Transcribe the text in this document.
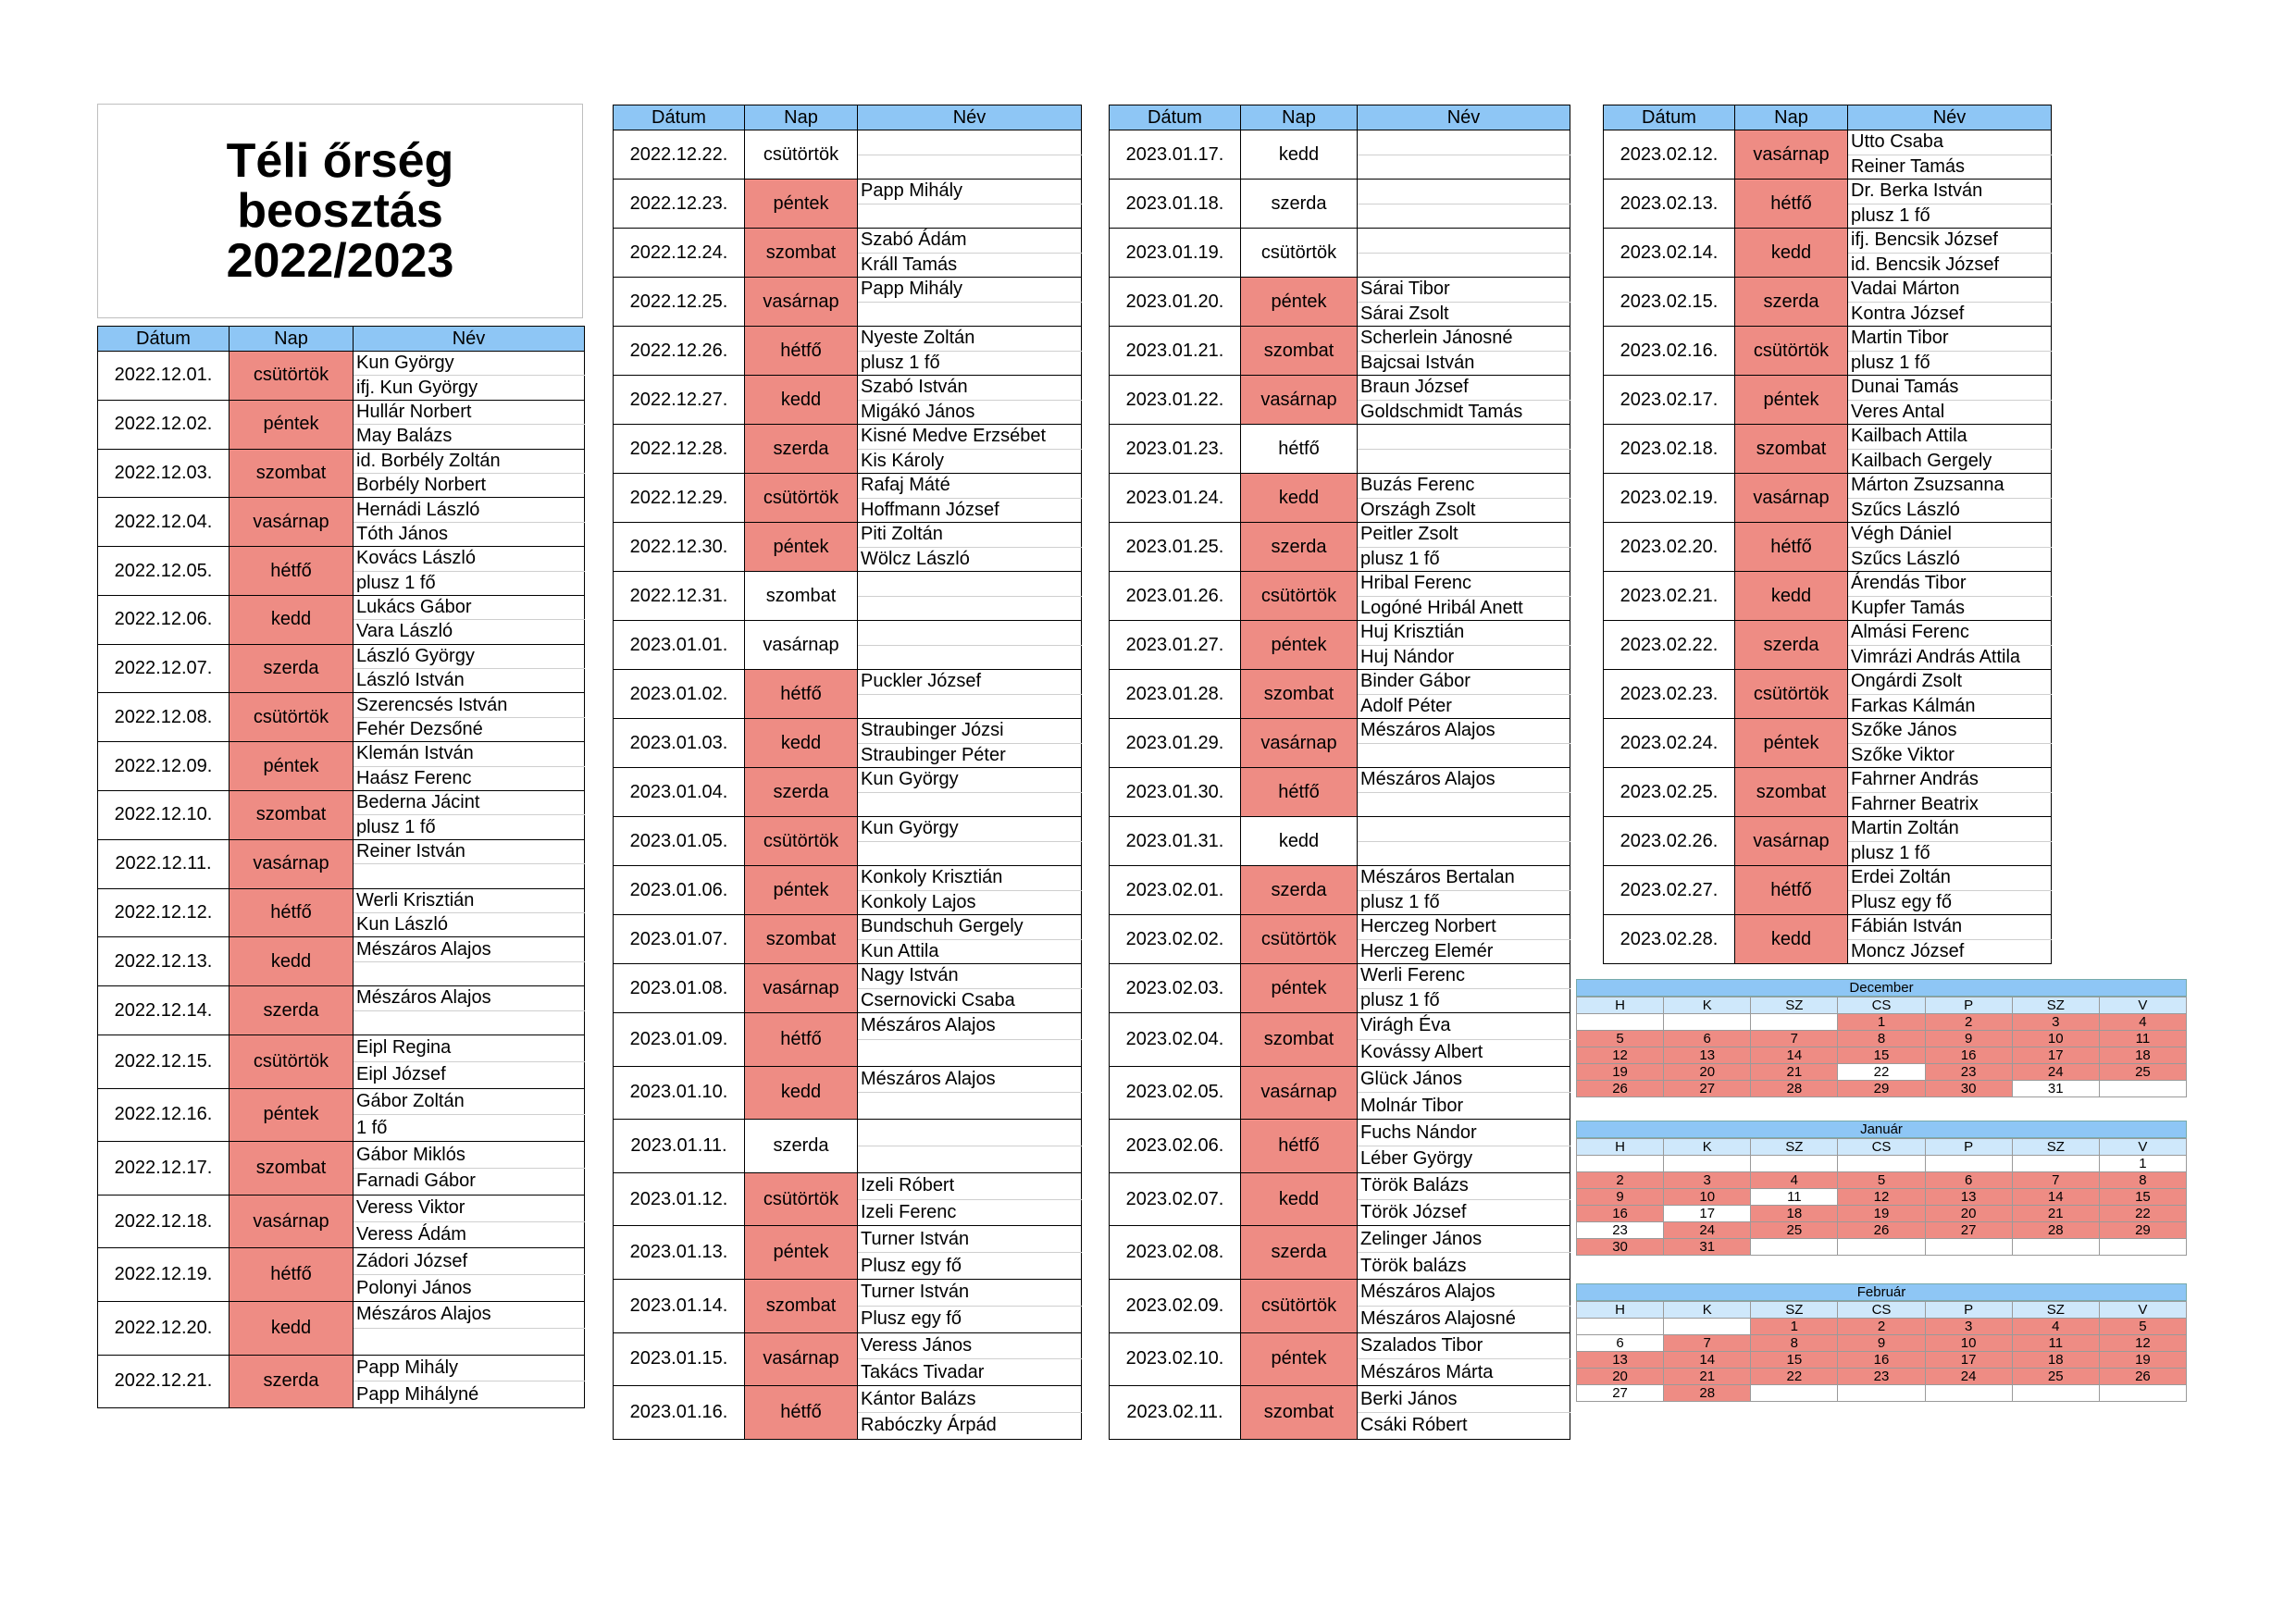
Téli őrség
beosztás
2022/2023
Dátum	Nap	Név
2022.12.01.	csütörtök	Kun György
		ifj. Kun György
2022.12.02.	péntek	Hullár Norbert
		May Balázs
2022.12.03.	szombat	id. Borbély Zoltán
		Borbély Norbert
2022.12.04.	vasárnap	Hernádi László
		Tóth János
2022.12.05.	hétfő	Kovács László
		plusz 1 fő
2022.12.06.	kedd	Lukács Gábor
		Vara László
2022.12.07.	szerda	László György
		László István
2022.12.08.	csütörtök	Szerencsés István
		Fehér Dezsőné
2022.12.09.	péntek	Klemán István
		Haász Ferenc
2022.12.10.	szombat	Bederna Jácint
		plusz 1 fő
2022.12.11.	vasárnap	Reiner István

2022.12.12.	hétfő	Werli Krisztián
		Kun László
2022.12.13.	kedd	Mészáros Alajos

2022.12.14.	szerda	Mészáros Alajos

2022.12.15.	csütörtök	Eipl Regina
		Eipl József
2022.12.16.	péntek	Gábor Zoltán
		1 fő
2022.12.17.	szombat	Gábor Miklós
		Farnadi Gábor
2022.12.18.	vasárnap	Veress Viktor
		Veress Ádám
2022.12.19.	hétfő	Zádori József
		Polonyi János
2022.12.20.	kedd	Mészáros Alajos

2022.12.21.	szerda	Papp Mihály
		Papp Mihályné
Dátum	Nap	Név
2022.12.22.	csütörtök	

2022.12.23.	péntek	Papp Mihály

2022.12.24.	szombat	Szabó Ádám
		Králl Tamás
2022.12.25.	vasárnap	Papp Mihály

2022.12.26.	hétfő	Nyeste Zoltán
		plusz 1 fő
2022.12.27.	kedd	Szabó István
		Migákó János
2022.12.28.	szerda	Kisné Medve Erzsébet
		Kis Károly
2022.12.29.	csütörtök	Rafaj Máté
		Hoffmann József
2022.12.30.	péntek	Piti Zoltán
		Wölcz László
2022.12.31.	szombat	

2023.01.01.	vasárnap	

2023.01.02.	hétfő	Puckler József

2023.01.03.	kedd	Straubinger Józsi
		Straubinger Péter
2023.01.04.	szerda	Kun György

2023.01.05.	csütörtök	Kun György

2023.01.06.	péntek	Konkoly Krisztián
		Konkoly Lajos
2023.01.07.	szombat	Bundschuh Gergely
		Kun Attila
2023.01.08.	vasárnap	Nagy István
		Csernovicki Csaba
2023.01.09.	hétfő	Mészáros Alajos

2023.01.10.	kedd	Mészáros Alajos

2023.01.11.	szerda	

2023.01.12.	csütörtök	Izeli Róbert
		Izeli Ferenc
2023.01.13.	péntek	Turner István
		Plusz egy fő
2023.01.14.	szombat	Turner István
		Plusz egy fő
2023.01.15.	vasárnap	Veress János
		Takács Tivadar
2023.01.16.	hétfő	Kántor Balázs
		Rabóczky Árpád
Dátum	Nap	Név
2023.01.17.	kedd	

2023.01.18.	szerda	

2023.01.19.	csütörtök	

2023.01.20.	péntek	Sárai Tibor
		Sárai Zsolt
2023.01.21.	szombat	Scherlein Jánosné
		Bajcsai István
2023.01.22.	vasárnap	Braun József
		Goldschmidt Tamás
2023.01.23.	hétfő	

2023.01.24.	kedd	Buzás Ferenc
		Országh Zsolt
2023.01.25.	szerda	Peitler Zsolt
		plusz 1 fő
2023.01.26.	csütörtök	Hribal Ferenc
		Logóné Hribál Anett
2023.01.27.	péntek	Huj Krisztián
		Huj Nándor
2023.01.28.	szombat	Binder Gábor
		Adolf Péter
2023.01.29.	vasárnap	Mészáros Alajos

2023.01.30.	hétfő	Mészáros Alajos

2023.01.31.	kedd	

2023.02.01.	szerda	Mészáros Bertalan
		plusz 1 fő
2023.02.02.	csütörtök	Herczeg Norbert
		Herczeg Elemér
2023.02.03.	péntek	Werli Ferenc
		plusz 1 fő
2023.02.04.	szombat	Virágh Éva
		Kovássy Albert
2023.02.05.	vasárnap	Glück János
		Molnár Tibor
2023.02.06.	hétfő	Fuchs Nándor
		Léber György
2023.02.07.	kedd	Török Balázs
		Török József
2023.02.08.	szerda	Zelinger János
		Török balázs
2023.02.09.	csütörtök	Mészáros Alajos
		Mészáros Alajosné
2023.02.10.	péntek	Szalados Tibor
		Mészáros Márta
2023.02.11.	szombat	Berki János
		Csáki Róbert
Dátum	Nap	Név
2023.02.12.	vasárnap	Utto Csaba
		Reiner Tamás
2023.02.13.	hétfő	Dr. Berka István
		plusz 1 fő
2023.02.14.	kedd	ifj. Bencsik József
		id. Bencsik József
2023.02.15.	szerda	Vadai Márton
		Kontra József
2023.02.16.	csütörtök	Martin Tibor
		plusz 1 fő
2023.02.17.	péntek	Dunai Tamás
		Veres Antal
2023.02.18.	szombat	Kailbach Attila
		Kailbach Gergely
2023.02.19.	vasárnap	Márton Zsuzsanna
		Szűcs László
2023.02.20.	hétfő	Végh Dániel
		Szűcs László
2023.02.21.	kedd	Árendás Tibor
		Kupfer Tamás
2023.02.22.	szerda	Almási Ferenc
		Vimrázi András Attila
2023.02.23.	csütörtök	Ongárdi Zsolt
		Farkas Kálmán
2023.02.24.	péntek	Szőke János
		Szőke Viktor
2023.02.25.	szombat	Fahrner András
		Fahrner Beatrix
2023.02.26.	vasárnap	Martin Zoltán
		plusz 1 fő
2023.02.27.	hétfő	Erdei Zoltán
		Plusz egy fő
2023.02.28.	kedd	Fábián István
		Moncz József
December
H	K	SZ	CS	P	SZ	V
			1	2	3	4
5	6	7	8	9	10	11
12	13	14	15	16	17	18
19	20	21	22	23	24	25
26	27	28	29	30	31	
Január
H	K	SZ	CS	P	SZ	V
						1
2	3	4	5	6	7	8
9	10	11	12	13	14	15
16	17	18	19	20	21	22
23	24	25	26	27	28	29
30	31					
Február
H	K	SZ	CS	P	SZ	V
		1	2	3	4	5
6	7	8	9	10	11	12
13	14	15	16	17	18	19
20	21	22	23	24	25	26
27	28					
